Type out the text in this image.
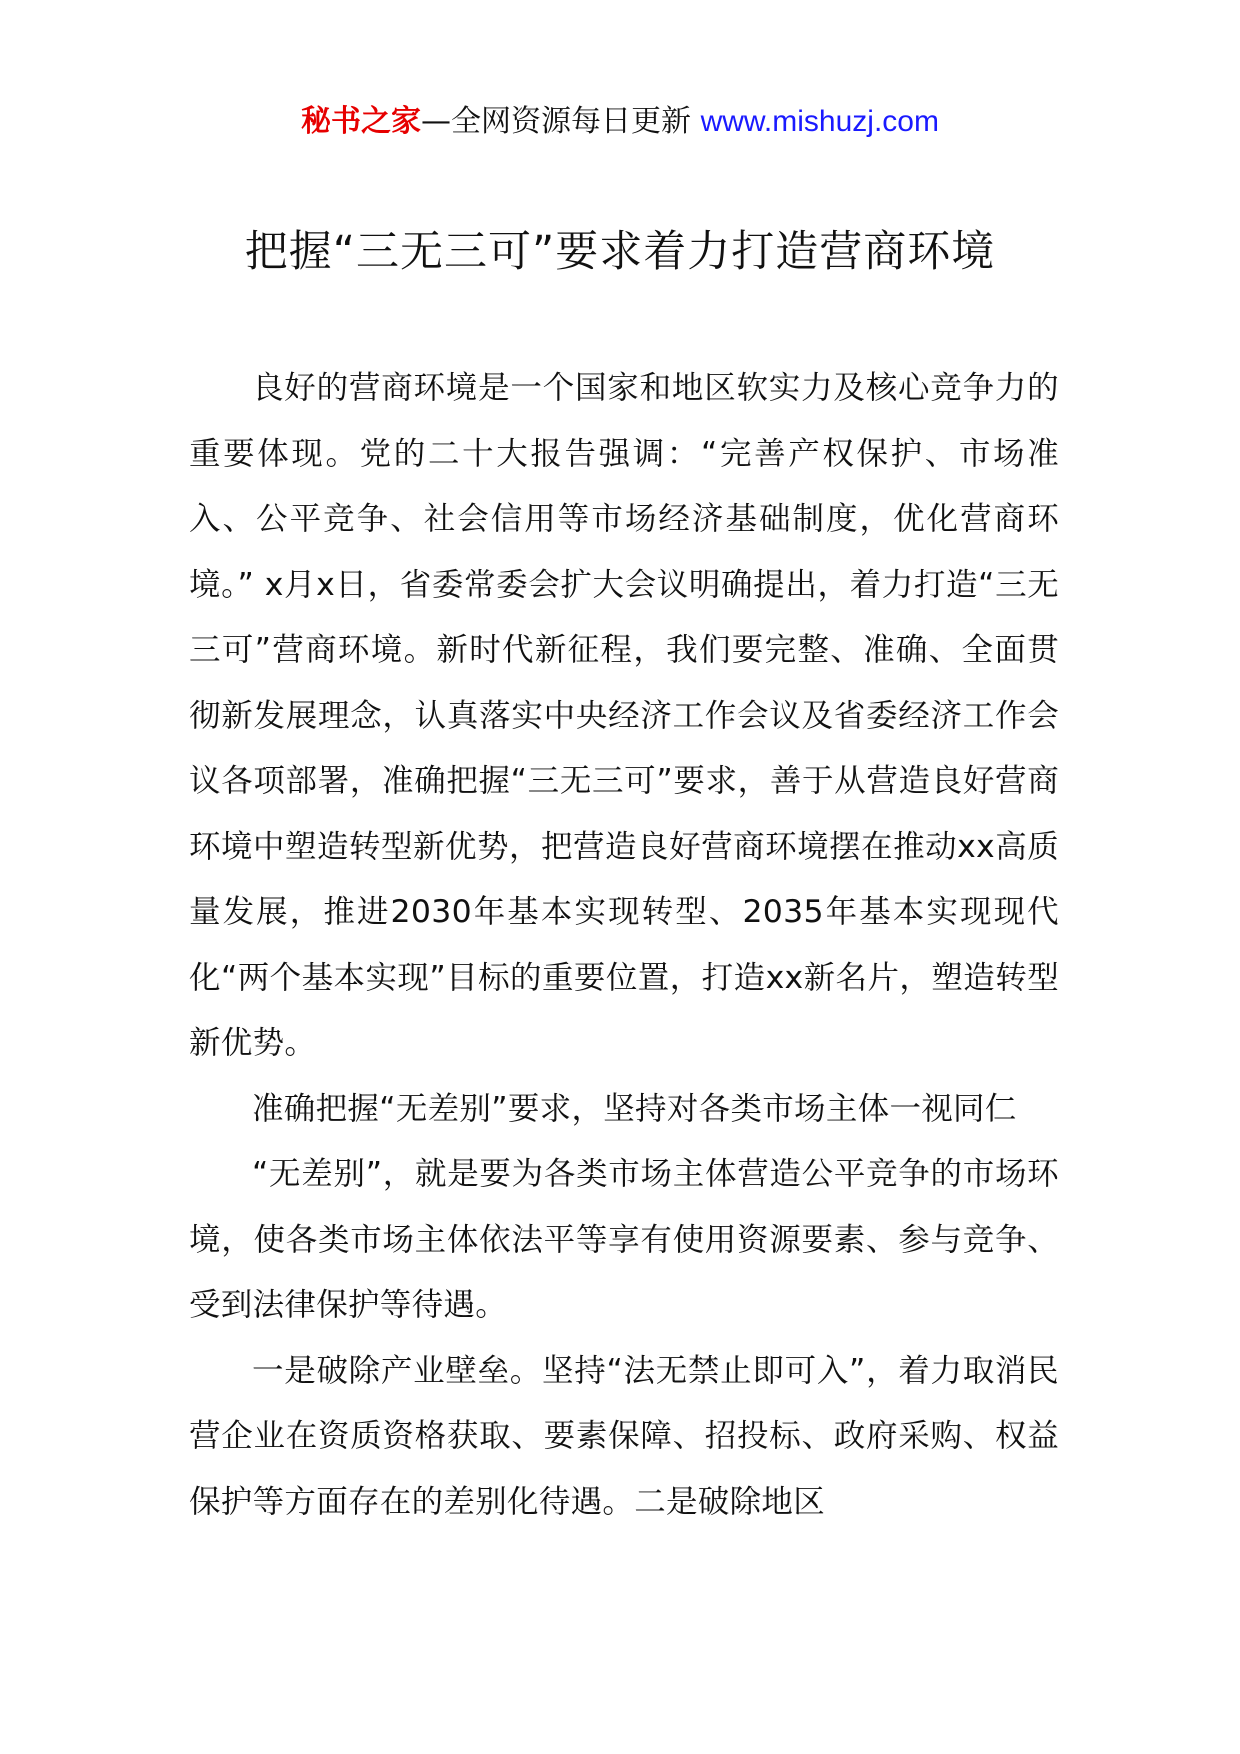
秘书之家—全网资源每日更新 www.mishuzj.com
把握“三无三可”要求着力打造营商环境

良好的营商环境是一个国家和地区软实力及核心竞争力的重要体现。党的二十大报告强调：“完善产权保护、市场准入、公平竞争、社会信用等市场经济基础制度，优化营商环境。” x月x日，省委常委会扩大会议明确提出，着力打造“三无三可”营商环境。新时代新征程，我们要完整、准确、全面贯彻新发展理念，认真落实中央经济工作会议及省委经济工作会议各项部署，准确把握“三无三可”要求，善于从营造良好营商环境中塑造转型新优势，把营造良好营商环境摆在推动xx高质量发展，推进2030年基本实现转型、2035年基本实现现代化“两个基本实现”目标的重要位置，打造xx新名片，塑造转型新优势。

准确把握“无差别”要求，坚持对各类市场主体一视同仁

“无差别”，就是要为各类市场主体营造公平竞争的市场环境，使各类市场主体依法平等享有使用资源要素、参与竞争、受到法律保护等待遇。

一是破除产业壁垒。坚持“法无禁止即可入”，着力取消民营企业在资质资格获取、要素保障、招投标、政府采购、权益保护等方面存在的差别化待遇。二是破除地区
